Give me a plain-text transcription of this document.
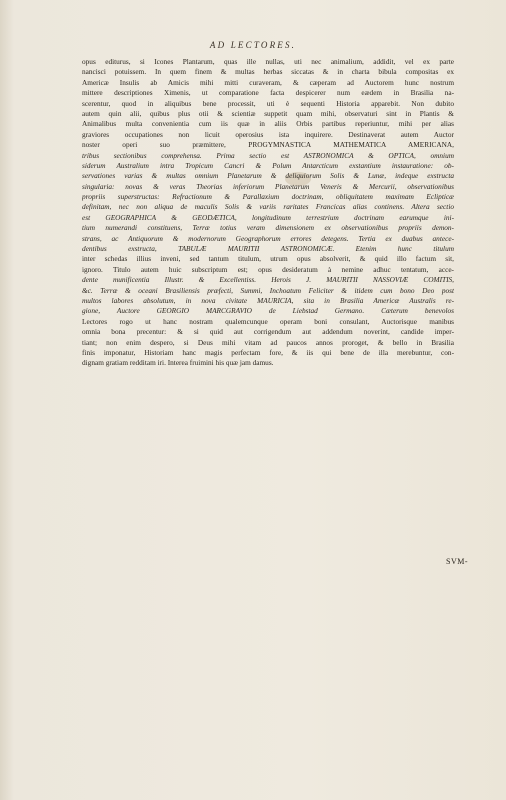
AD LECTORES.
opus editurus, si Icones Plantarum, quas ille nullas, uti nec animalium, addidit, vel ex parte
nancisci potuissem. In quem finem & multas herbas siccatas & in charta bibula compositas ex
Americæ Insulis ab Amicis mihi mitti curaveram, & cæperam ad Auctorem hunc nostrum
mittere descriptiones Ximenis, ut comparatione facta despicerer num eædem in Brasilia na-
scerentur, quod in aliquibus bene processit, uti è sequenti Historia apparebit. Non dubito
autem quin alii, quibus plus otii & scientiæ suppetit quam mihi, observaturi sint in Plantis &
Animalibus multa convenientia cum iis quæ in aliis Orbis partibus reperiuntur, mihi per alias
graviores occupationes non licuit operosius ista inquirere. Destinaverat autem Auctor
noster operi suo præmittere, PROGYMNASTICA MATHEMATICA AMERICANA,
tribus sectionibus comprehensa. Prima sectio est ASTRONOMICA & OPTICA, omnium
siderum Australium intra Tropicum Cancri & Polum Antarcticum exstantium instauratione: ob-
servationes varias & multas omnium Planetarum & deliquiorum Solis & Lunæ, indeque exstructa
singularia: novas & veras Theorias inferiorum Planetarum Veneris & Mercurii, observationibus
propriis superstructas: Refractionum & Parallaxium doctrinam, obliquitatem maximam Eclipticæ
definitam, nec non aliqua de maculis Solis & variis raritates Francicas alias continens. Altera sectio
est GEOGRAPHICA & GEODÆTICA, longitudinum terrestrium doctrinam earumque ini-
tium numerandi constituens, Terræ totius veram dimensionem ex observationibus propriis demon-
strans, ac Antiquorum & modernorum Geographorum errores detegens. Tertia ex duabus antece-
dentibus exstructa, TABULÆ MAURITII ASTRONOMICÆ. Etenim hunc titulum
inter schedas illius inveni, sed tantum titulum, utrum opus absolverit, & quid illo factum sit,
ignoro. Titulo autem huic subscriptum est; opus desideratum à nemine adhuc tentatum, acce-
dente munificentia Illustr. & Excellentiss. Herois J. MAURITII NASSOVIÆ COMITIS,
&c. Terræ & oceani Brasiliensis præfecti, Summi, Inchoatum Feliciter & itidem cum bono Deo post
multos labores absolutum, in nova civitate MAURICIA, sita in Brasilia Americæ Australis re-
gione, Auctore GEORGIO MARCGRAVIO de Liebstad Germano. Cæterum benevolos
Lectores rogo ut hanc nostram qualemcunque operam boni consulant, Auctorisque manibus
omnia bona precentur: & si quid aut corrigendum aut addendum noverint, candide imper-
tiant; non enim despero, si Deus mihi vitam ad paucos annos proroget, & bello in Brasilia
finis imponatur, Historiam hanc magis perfectam fore, & iis qui bene de illa merebuntur, con-
dignam gratiam redditam iri. Interea fruimini his quæ jam damus.
SVM-
